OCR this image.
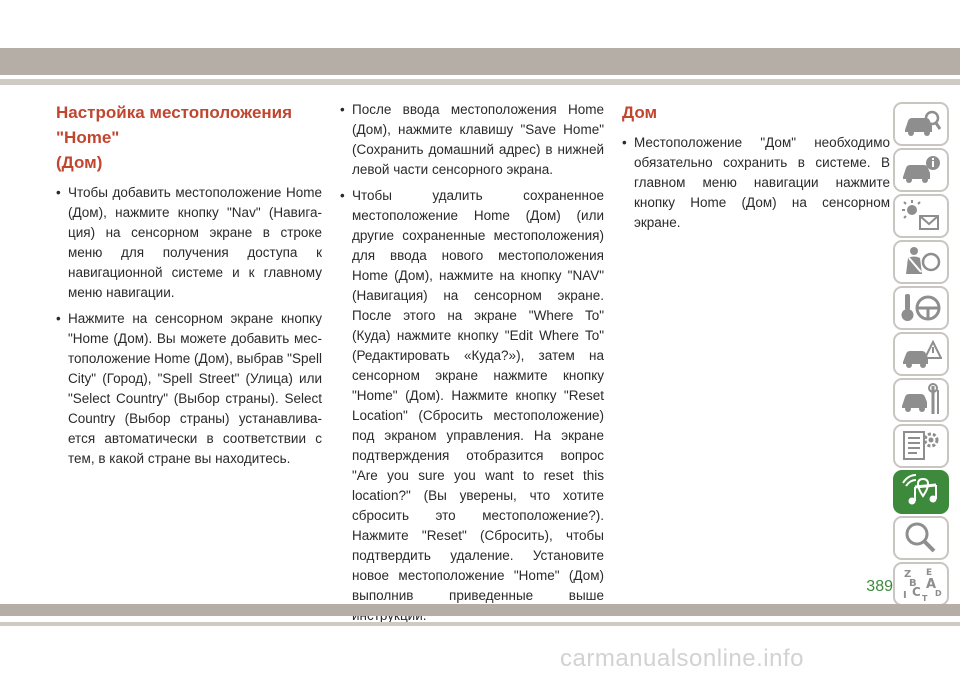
Настройка местоположения "Home"
(Дом)
• Чтобы добавить местоположение Home (Дом), нажмите кнопку "Nav" (Навигация) на сенсорном экране в строке меню для получения доступа к навигационной системе и к главному меню навигации.
• Нажмите на сенсорном экране кнопку "Home (Дом). Вы можете добавить местоположение Home (Дом), выбрав "Spell City" (Город), "Spell Street" (Улица) или "Select Country" (Выбор страны). Select Country (Выбор страны) устанавливается автоматически в соответствии с тем, в какой стране вы находитесь.
• После ввода местоположения Home (Дом), нажмите клавишу "Save Home" (Сохранить домашний адрес) в нижней левой части сенсорного экрана.
• Чтобы удалить сохраненное местоположение Home (Дом) (или другие сохраненные местоположения) для ввода нового местоположения Home (Дом), нажмите на кнопку "NAV" (Навигация) на сенсорном экране. После этого на экране "Where To" (Куда) нажмите кнопку "Edit Where To" (Редактировать «Куда?»), затем на сенсорном экране нажмите кнопку "Home" (Дом). Нажмите кнопку "Reset Location" (Сбросить местоположение) под экраном управления. На экране подтверждения отобразится вопрос "Are you sure you want to reset this location?" (Вы уверены, что хотите сбросить это местоположение?). Нажмите "Reset" (Сбросить), чтобы подтвердить удаление. Установите новое местоположение "Home" (Дом) выполнив приведенные выше
Дом
• Местоположение "Дом" необходимо обязательно сохранить в системе. В главном меню навигации нажмите кнопку Home (Дом) на сенсорном экране.
Z E
B A
I C D
T
389
carmanualsonline.info
